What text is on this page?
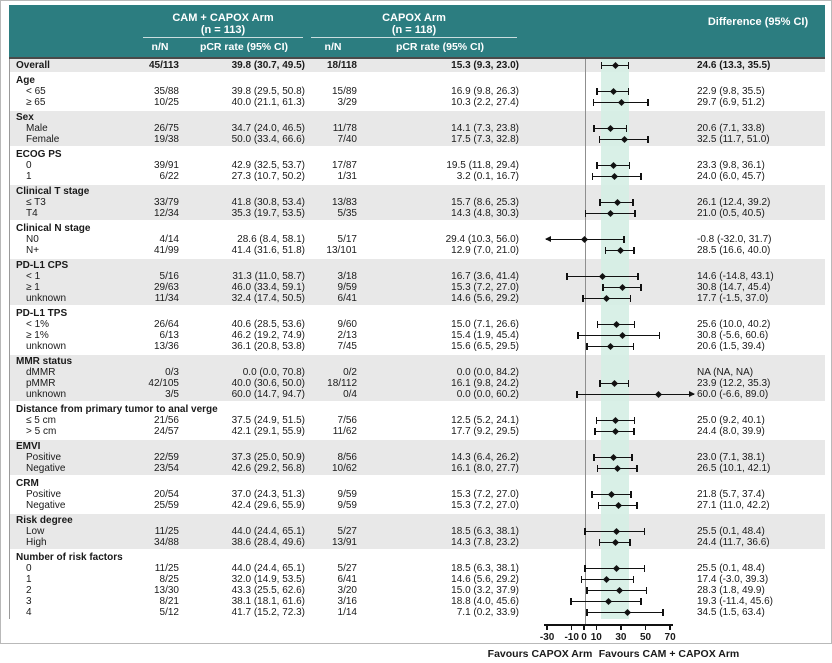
CAM + CAPOX Arm
(n = 113)
CAPOX Arm
(n = 118)
Difference (95% CI)
n/N	pCR rate (95% CI)	n/N	pCR rate (95% CI)
Overall	45/113	39.8 (30.7, 49.5)	18/118	15.3 (9.3, 23.0)	24.6 (13.3, 35.5)
Age
< 65	35/88	39.8 (29.5, 50.8)	15/89	16.9 (9.8, 26.3)	22.9 (9.8, 35.5)
≥ 65	10/25	40.0 (21.1, 61.3)	3/29	10.3 (2.2, 27.4)	29.7 (6.9, 51.2)
Sex
Male	26/75	34.7 (24.0, 46.5)	11/78	14.1 (7.3, 23.8)	20.6 (7.1, 33.8)
Female	19/38	50.0 (33.4, 66.6)	7/40	17.5 (7.3, 32.8)	32.5 (11.7, 51.0)
ECOG PS
0	39/91	42.9 (32.5, 53.7)	17/87	19.5 (11.8, 29.4)	23.3 (9.8, 36.1)
1	6/22	27.3 (10.7, 50.2)	1/31	3.2 (0.1, 16.7)	24.0 (6.0, 45.7)
Clinical T stage
≤ T3	33/79	41.8 (30.8, 53.4)	13/83	15.7 (8.6, 25.3)	26.1 (12.4, 39.2)
T4	12/34	35.3 (19.7, 53.5)	5/35	14.3 (4.8, 30.3)	21.0 (0.5, 40.5)
Clinical N stage
N0	4/14	28.6 (8.4, 58.1)	5/17	29.4 (10.3, 56.0)	-0.8 (-32.0, 31.7)
N+	41/99	41.4 (31.6, 51.8)	13/101	12.9 (7.0, 21.0)	28.5 (16.6, 40.0)
PD-L1 CPS
< 1	5/16	31.3 (11.0, 58.7)	3/18	16.7 (3.6, 41.4)	14.6 (-14.8, 43.1)
≥ 1	29/63	46.0 (33.4, 59.1)	9/59	15.3 (7.2, 27.0)	30.8 (14.7, 45.4)
unknown	11/34	32.4 (17.4, 50.5)	6/41	14.6 (5.6, 29.2)	17.7 (-1.5, 37.0)
PD-L1 TPS
< 1%	26/64	40.6 (28.5, 53.6)	9/60	15.0 (7.1, 26.6)	25.6 (10.0, 40.2)
≥ 1%	6/13	46.2 (19.2, 74.9)	2/13	15.4 (1.9, 45.4)	30.8 (-5.6, 60.6)
unknown	13/36	36.1 (20.8, 53.8)	7/45	15.6 (6.5, 29.5)	20.6 (1.5, 39.4)
MMR status
dMMR	0/3	0.0 (0.0, 70.8)	0/2	0.0 (0.0, 84.2)	NA (NA, NA)
pMMR	42/105	40.0 (30.6, 50.0)	18/112	16.1 (9.8, 24.2)	23.9 (12.2, 35.3)
unknown	3/5	60.0 (14.7, 94.7)	0/4	0.0 (0.0, 60.2)	60.0 (-6.6, 89.0)
Distance from primary tumor to anal verge
≤ 5 cm	21/56	37.5 (24.9, 51.5)	7/56	12.5 (5.2, 24.1)	25.0 (9.2, 40.1)
> 5 cm	24/57	42.1 (29.1, 55.9)	11/62	17.7 (9.2, 29.5)	24.4 (8.0, 39.9)
EMVI
Positive	22/59	37.3 (25.0, 50.9)	8/56	14.3 (6.4, 26.2)	23.0 (7.1, 38.1)
Negative	23/54	42.6 (29.2, 56.8)	10/62	16.1 (8.0, 27.7)	26.5 (10.1, 42.1)
CRM
Positive	20/54	37.0 (24.3, 51.3)	9/59	15.3 (7.2, 27.0)	21.8 (5.7, 37.4)
Negative	25/59	42.4 (29.6, 55.9)	9/59	15.3 (7.2, 27.0)	27.1 (11.0, 42.2)
Risk degree
Low	11/25	44.0 (24.4, 65.1)	5/27	18.5 (6.3, 38.1)	25.5 (0.1, 48.4)
High	34/88	38.6 (28.4, 49.6)	13/91	14.3 (7.8, 23.2)	24.4 (11.7, 36.6)
Number of risk factors
0	11/25	44.0 (24.4, 65.1)	5/27	18.5 (6.3, 38.1)	25.5 (0.1, 48.4)
1	8/25	32.0 (14.9, 53.5)	6/41	14.6 (5.6, 29.2)	17.4 (-3.0, 39.3)
2	13/30	43.3 (25.5, 62.6)	3/20	15.0 (3.2, 37.9)	28.3 (1.8, 49.9)
3	8/21	38.1 (18.1, 61.6)	3/16	18.8 (4.0, 45.6)	19.3 (-11.4, 45.6)
4	5/12	41.7 (15.2, 72.3)	1/14	7.1 (0.2, 33.9)	34.5 (1.5, 63.4)
-30 -10 0 10 30 50 70
Favours CAPOX Arm Favours CAM + CAPOX Arm
